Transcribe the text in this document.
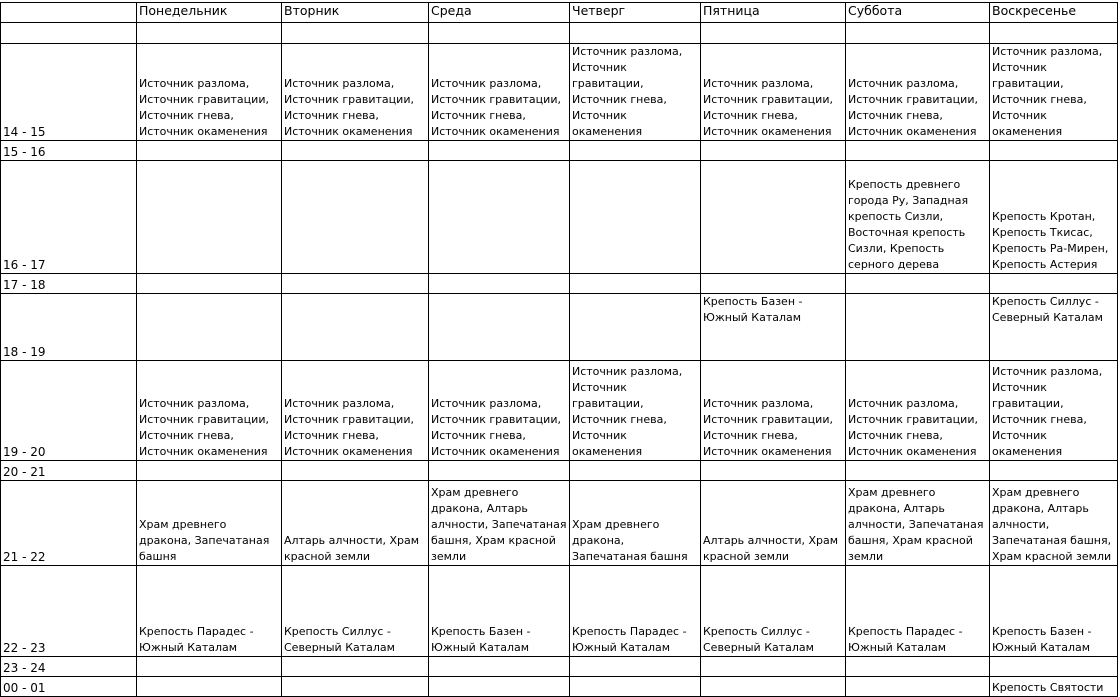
	Понедельник	Вторник	Среда	Четверг	Пятница	Суббота	Воскресенье

14 - 15	Источник разлома, Источник гравитации, Источник гнева, Источник окаменения	Источник разлома, Источник гравитации, Источник гнева, Источник окаменения	Источник разлома, Источник гравитации, Источник гнева, Источник окаменения	Источник разлома, Источник гравитации, Источник гнева, Источник окаменения	Источник разлома, Источник гравитации, Источник гнева, Источник окаменения	Источник разлома, Источник гравитации, Источник гнева, Источник окаменения	Источник разлома, Источник гравитации, Источник гнева, Источник окаменения
15 - 16							
16 - 17						Крепость древнего города Ру, Западная крепость Сизли, Восточная крепость Сизли, Крепость серного дерева	Крепость Кротан, Крепость Ткисас, Крепость Ра-Мирен, Крепость Астерия
17 - 18							
18 - 19					Крепость Базен - Южный Каталам		Крепость Силлус - Северный Каталам
19 - 20	Источник разлома, Источник гравитации, Источник гнева, Источник окаменения	Источник разлома, Источник гравитации, Источник гнева, Источник окаменения	Источник разлома, Источник гравитации, Источник гнева, Источник окаменения	Источник разлома, Источник гравитации, Источник гнева, Источник окаменения	Источник разлома, Источник гравитации, Источник гнева, Источник окаменения	Источник разлома, Источник гравитации, Источник гнева, Источник окаменения	Источник разлома, Источник гравитации, Источник гнева, Источник окаменения
20 - 21							
21 - 22	Храм древнего дракона, Запечатаная башня	Алтарь алчности, Храм красной земли	Храм древнего дракона, Алтарь алчности, Запечатаная башня, Храм красной земли	Храм древнего дракона, Запечатаная башня	Алтарь алчности, Храм красной земли	Храм древнего дракона, Алтарь алчности, Запечатаная башня, Храм красной земли	Храм древнего дракона, Алтарь алчности, Запечатаная башня, Храм красной земли
22 - 23	Крепость Парадес - Южный Каталам	Крепость Силлус - Северный Каталам	Крепость Базен - Южный Каталам	Крепость Парадес - Южный Каталам	Крепость Силлус - Северный Каталам	Крепость Парадес - Южный Каталам	Крепость Базен - Южный Каталам
23 - 24							
00 - 01							Крепость Святости
